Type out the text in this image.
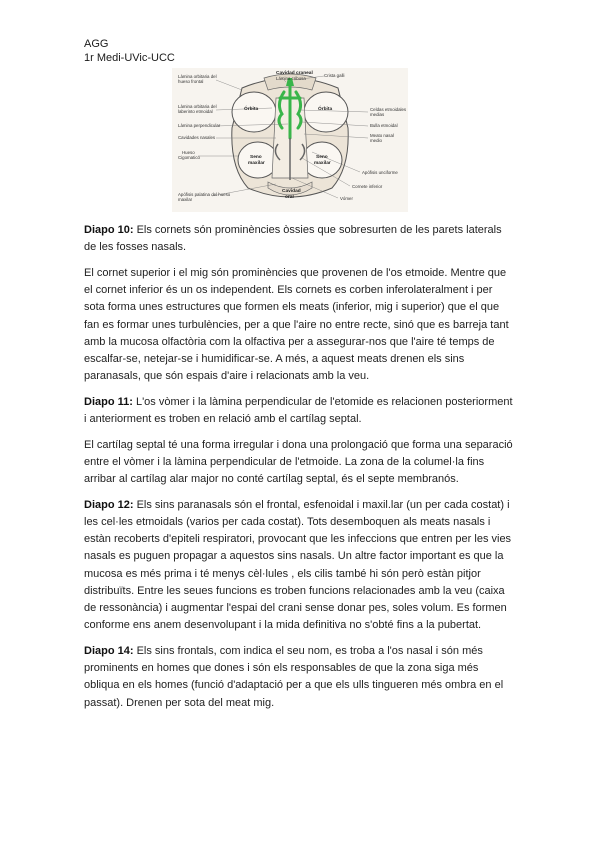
AGG
1r Medi-UVic-UCC
Làmina orbitaria del
hueso frontal
Làmina orbitaria del
laberinto etmoidal
Làmina perpendicular
Cavidades nasales
Hueso
Cigomatico
Apófisis palatina del hueso
maxilar
Cavidad craneal
Lámina cribosa
Crista galli
Órbita	Órbita	Celdas etmoidales
medias
Bulla etmoidal
Meato nasal
medio
Apófisis unciforme
Cornete inferior
Vómer
Seno
maxilar
Seno
maxilar
Cavidad
oral

Diapo 10: Els cornets són prominències òssies que sobresurten de les parets laterals de les fosses nasals.

El cornet superior i el mig són prominències que provenen de l'os etmoide. Mentre que el cornet inferior és un os independent. Els cornets es corben inferolateralment i per sota forma unes estructures que formen els meats (inferior, mig i superior) que el que fan es formar unes turbulències, per a que l'aire no entre recte, sinó que es barreja tant amb la mucosa olfactòria com la olfactiva per a assegurar-nos que l'aire té temps de escalfar-se, netejar-se i humidificar-se. A més, a aquest meats drenen els sins paranasals, que són espais d'aire i relacionats amb la veu.

Diapo 11: L'os vòmer i la làmina perpendicular de l'etomide es relacionen posteriorment i anteriorment es troben en relació amb el cartílag septal.

El cartílag septal té una forma irregular i dona una prolongació que forma una separació entre el vòmer i la làmina perpendicular de l'etmoide. La zona de la columel·la fins arribar al cartílag alar major no conté cartílag septal, és el septe membranós.

Diapo 12: Els sins paranasals són el frontal, esfenoidal i maxil.lar (un per cada costat) i les cel·les etmoidals (varios per cada costat). Tots desemboquen als meats nasals i estàn recoberts d'epiteli respiratori, provocant que les infeccions que entren per les vies nasals es puguen propagar a aquestos sins nasals. Un altre factor important es que la mucosa es més prima i té menys cèl·lules , els cilis també hi són però estàn pitjor distribuïts. Entre les seues funcions es troben funcions relacionades amb la veu (caixa de ressonància) i augmentar l'espai del crani sense donar pes, soles volum. Es formen conforme ens anem desenvolupant i la mida definitiva no s'obté fins a la pubertat.

Diapo 14: Els sins frontals, com indica el seu nom, es troba a l'os nasal i són més prominents en homes que dones i són els responsables de que la zona siga més obliqua en els homes (funció d'adaptació per a que els ulls tingueren més ombra en el passat). Drenen per sota del meat mig.
